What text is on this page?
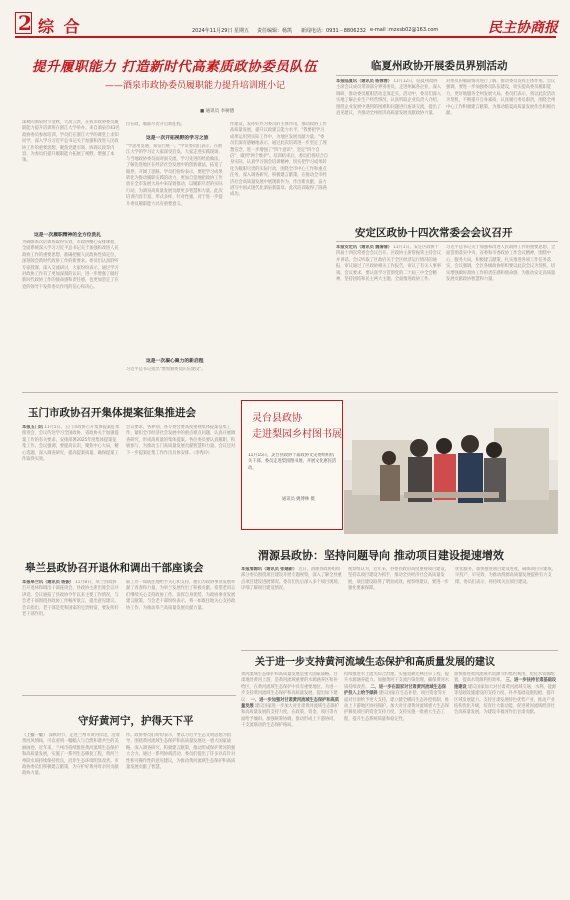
2 综 合	2024年11月29日 星期五 责任编辑：杨凯 新闻电话：0931－8806232 e-mail :mzxsb02@163.com	民主协商报
提升履职能力 打造新时代高素质政协委员队伍
——酒泉市政协委员履职能力提升培训班小记
■ 通讯员 李树德
深秋的酒泉时节金秋，天高云淡，在我市政协委员履职能力提升培训班在浙江大学举办。来自酒泉市43名政协委员参加培训，学员们在浙江大学的课堂上求知问学，深入学习习近平总书记关于加强和改进人民政协工作的重要思想，聚焦党建引领、协商议政等内容，为委员们提升履职能力拓展了视野，增强了本领。
这是一次履职精神的全方位洗礼
为确保本次培训班取得实效，市政协精心安排课程，全面系统深入学习习近平总书记关于加强和改进人民政协工作的重要思想，准确把握人民政协性质定位，深刻领会新时代政协工作的新要求。委员们认真聆听专家授课，深入交流研讨，大家纷纷表示，通过学习对政协工作有了更加深刻的认识，进一步增强了做好新时代政协工作的使命感和责任感，也更加坚定了在党的领导下发挥委员作用的信心和决心。
位在政，履职尽责开启新征程。
这是一次开拓视野的学习之旅
"学思用贯通、知信行统一。"学员委员们表示，在浙江大学的学习让大家深受启发。大家走进实践现场，与当地政协委员面对面交流，学习先进的经验做法，了解先进地区在经济社会发展中的创新做法，拓宽了眼界，开阔了思路。学员们纷纷表示，要把学习成果转化为推动履职实践的动力，更加自觉地把政协工作放在全市发展大局中来谋划推动，以履职尽责的实际行动，为酒泉高质量发展贡献更多智慧和力量。此次培训内容丰富、形式多样、针对性强，对于进一步提升委员履职能力具有重要意义。
这是一次凝心聚力的新启程
习近平总书记指出"要加强委员队伍建设"。
作建设，发挥好作为委员的主体作用，推动政协工作高质量发展，提升议政建言能力水平。"我要把学习成果运用到实际工作中，为地区发展贡献力量。"委员们深有感触地表示，通过此次培训进一步坚定了理想信念，进一步增强了"四个意识"、坚定"四个自信"、做到"两个维护"。培训结束后，委员们将结合自身实际，认真学习领会培训精神，切实把学习成果转化为履职尽责的实际行动，围绕全市中心工作和重点任务，深入调查研究，积极建言献策，在推动全市经济社会高质量发展中展现新作为、作出新贡献，奋力谱写中国式现代化酒泉新篇章。此次培训取得了圆满成功。
临夏州政协开展委员界别活动
本报临夏讯（通讯员 杨蓉蓉） 11月12日，临夏州政协主席会议成员带领部分界别委员，走进州属各企业，深入调研，推动委员履职活动走深走实。活动中，委员们深入实地了解企业生产经营情况，认真听取企业负责人介绍，围绕企业发展中遇到的困难和问题进行座谈交流，提出了意见建议，为推动全州经济高质量发展贡献政协力量。
对委员的履职情况进行了解，推动委员发挥主体作用。会议强调，要进一步加强委员队伍建设，切实提高委员履职能力，更好地服务全州发展大局。委员们表示，将以此次活动为契机，不断提升自身素质，认真履行委员职责，围绕全州中心工作积极建言献策，为推动临夏高质量发展作出积极贡献。
安定区政协十四次常委会会议召开
本报安定讯（通讯员 魏倩倩） 11月1日，安定区政协十四届十四次常委会会议召开。区政协主席常振荣主持会议并讲话。会议听取了区政府关于全区经济运行情况的通报，审议通过了区政协相关工作报告，审议了有关人事事项。会议要求，要认真学习贯彻党的二十届三中全会精神，坚持团结和民主两大主题，全面推进政协工作。
习近平总书记关于加强和改进人民政协工作的重要思想，全面贯彻落实中央、省委和市委政协工作会议精神，围绕中心、服务大局，积极建言献策，扎实推进各项工作任务落实。会议强调，全区各级政协组织要以此次会议为契机，切实增强做好政协工作的责任感和使命感，为推动安定高质量发展贡献政协智慧和力量。
玉门市政协召开集体提案征集推进会
本报玉门讯 11月5日，玉门市政协召开集体提案征集推进会，会议传达学习全国政协、省政协关于加强提案工作的有关要求，安排部署2025年度集体提案征集工作。会议强调，要提高认识，聚焦中心大局，精心选题，深入调查研究，提高提案质量，确保提案工作取得实效。
会议要求，各界别、各专委会要高度重视集体提案征集工作，紧扣全市经济社会发展中的重点难点问题，认真开展调查研究，形成高质量的集体提案。各位委员要认真履职，积极参与，为推动玉门高质量发展贡献智慧和力量。会议还对下一步提案征集工作作出具体安排。（李秀玲）
灵台县政协
走进梨园乡村图书展
11月15日，灵台县政协十届政协文史委组织机关干部、委员走进梨园图书展，开展文化惠民活动。
通讯员 姚博林 摄
皋兰县政协召开退休和调出干部座谈会
本报皋兰讯（通讯员 杨振） 11月8日，皋兰县政协召开退休和调出干部座谈会，县政协主席出席会议并讲话。会议通报了县政协今年以来主要工作情况，与会老干部围绕县政协工作畅所欲言，提出意见建议。会议指出，老干部是党和国家的宝贵财富，要发挥好老干部作用。
职工作一如既往地给予关心和支持，他们为政协事业发展奉献了青春和力量，为皋兰发展作出了积极贡献。希望老同志们继续关心支持政协工作，发挥自身优势，为政协事业发展建言献策。与会老干部纷纷表示，将一如既往地关心支持政协工作，为推动皋兰高质量发展贡献力量。
守好黄河宁，护得天下平
（上接一版） 深秋时节，走进兰州市黄河岸边，沿着黄河风情线，可以看到一幅幅人与自然和谐共生的美丽画卷。近年来，兰州市持续推进黄河流域生态保护和高质量发展，实施了一系列生态修复工程，黄河兰州段水质持续保持优良，沿岸生态环境明显改善。市政协委员们积极建言献策，为守护好黄河母亲河贡献政协力量。
作。政协委员们纷纷表示，要以习近平生态文明思想为指导，围绕黄河流域生态保护和高质量发展这一重大国家战略，深入调查研究，积极建言献策，推动形成保护黄河的强大合力。通过一系列协商活动，委员们提出了许多具有针对性和可操作性的意见建议，为推动黄河流域生态保护和高质量发展贡献了智慧。
渭源县政协：坚持问题导向 推动项目建设提速增效
本报渭源讯（通讯员 张建新） 近日，渭源县政协组织部分委员围绕项目建设开展专题视察，深入了解全县重点项目建设进展情况。委员们先后深入多个项目现场，详细了解项目建设情况。
视察组认为，近年来，县委县政府高度重视项目建设，坚持以项目建设为抓手，推动全县经济社会高质量发展，项目建设取得了明显成效。视察组建议，要进一步强化要素保障。
优化服务，加快推进项目建设进度，确保项目早建成、早投产、早见效，为推动渭源高质量发展提供有力支撑。委员们表示，将持续关注项目建设。
关于进一步支持黄河流域生态保护和高质量发展的建议
黄河流域生态保护和高质量发展是重大国家战略。甘肃地处黄河上游，是黄河流域重要的水源涵养区和补给区，在黄河流域生态保护中具有重要地位。为进一步支持黄河流域生态保护和高质量发展，提出如下建议： 一、进一步加强对甘肃黄河流域生态保护和高质量发展 建议国家进一步加大对甘肃黄河流域生态保护和高质量发展的支持力度，在政策、资金、项目等方面给予倾斜。加强统筹协调，推动形成上下游协同、干支流联动的生态保护格局。
持续推进水土流失综合治理，实施退耕还林还草工程，提升水源涵养能力。加强黄河干支流污染治理，确保黄河水质持续改善。 二、进一步在国家对甘肃黄河流域生态保护投入上给予倾斜 建议国家在生态补偿、项目资金等方面对甘肃给予更大支持，建立健全横向生态补偿机制，推动上下游地区协同保护。加大对甘肃黄河流域重大生态保护修复项目的资金支持力度，支持实施一批重大生态工程，提升生态系统质量和稳定性。
加快推进黄河流域水资源节约集约利用，优化水资源配置，提高水资源利用效率。 三、进一步扶持甘肃基础设施建设 建议国家加大对甘肃黄河流域交通、水利、能源等基础设施建设的支持力度，补齐基础设施短板，提升区域发展能力。支持甘肃发展特色优势产业，推动产业结构优化升级，培育壮大新动能，促进黄河流域经济社会高质量发展，为建设幸福河作出甘肃贡献。
